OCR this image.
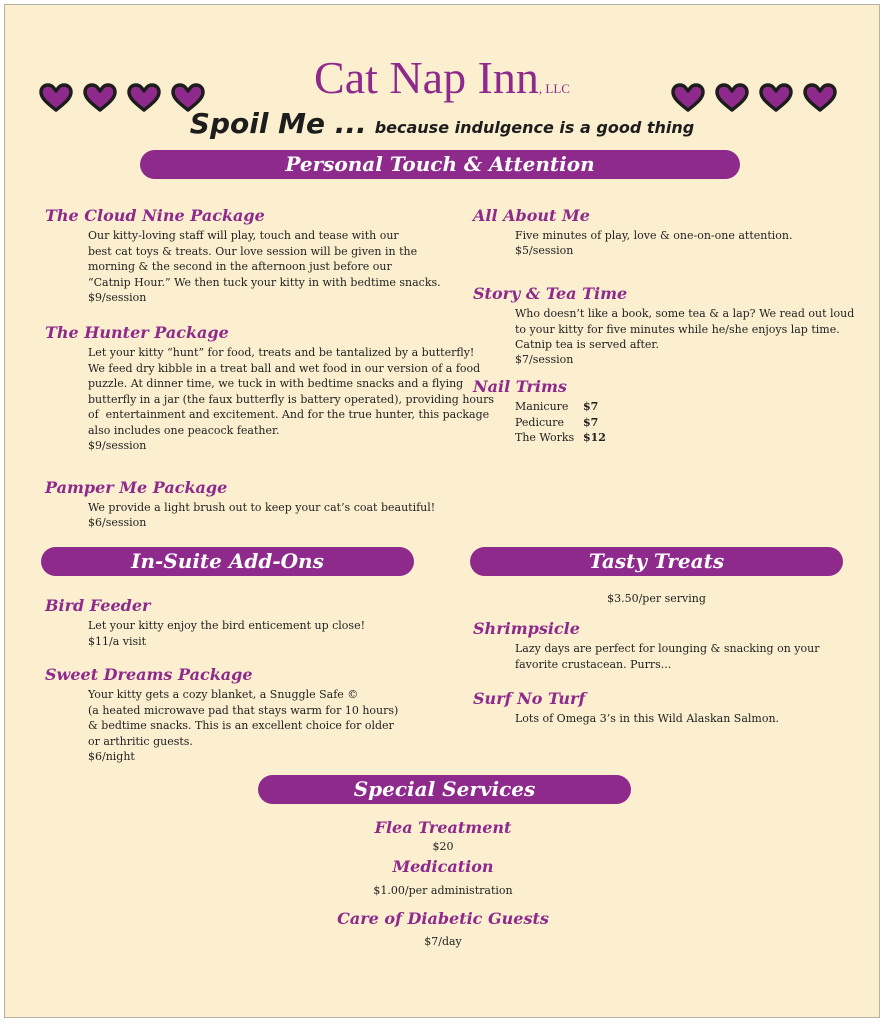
Cat Nap Inn, LLC
Spoil Me ... because indulgence is a good thing
Personal Touch & Attention
The Cloud Nine Package
Our kitty-loving staff will play, touch and tease with our
best cat toys & treats. Our love session will be given in the
morning & the second in the afternoon just before our
“Catnip Hour.” We then tuck your kitty in with bedtime snacks.
$9/session
The Hunter Package
Let your kitty “hunt” for food, treats and be tantalized by a butterfly!
We feed dry kibble in a treat ball and wet food in our version of a food
puzzle. At dinner time, we tuck in with bedtime snacks and a flying
butterfly in a jar (the faux butterfly is battery operated), providing hours
of  entertainment and excitement. And for the true hunter, this package
also includes one peacock feather.
$9/session
Pamper Me Package
We provide a light brush out to keep your cat’s coat beautiful!
$6/session
All About Me
Five minutes of play, love & one-on-one attention.
$5/session
Story & Tea Time
Who doesn’t like a book, some tea & a lap? We read out loud
to your kitty for five minutes while he/she enjoys lap time.
Catnip tea is served after.
$7/session
Nail Trims
Manicure	$7
Pedicure	$7
The Works $12
In-Suite Add-Ons
Bird Feeder
Let your kitty enjoy the bird enticement up close!
$11/a visit
Sweet Dreams Package
Your kitty gets a cozy blanket, a Snuggle Safe ©
(a heated microwave pad that stays warm for 10 hours)
& bedtime snacks. This is an excellent choice for older
or arthritic guests.
$6/night
Tasty Treats
$3.50/per serving
Shrimpsicle
Lazy days are perfect for lounging & snacking on your
favorite crustacean. Purrs...
Surf No Turf
Lots of Omega 3’s in this Wild Alaskan Salmon.
Special Services
Flea Treatment
$20
Medication
$1.00/per administration
Care of Diabetic Guests
$7/day
